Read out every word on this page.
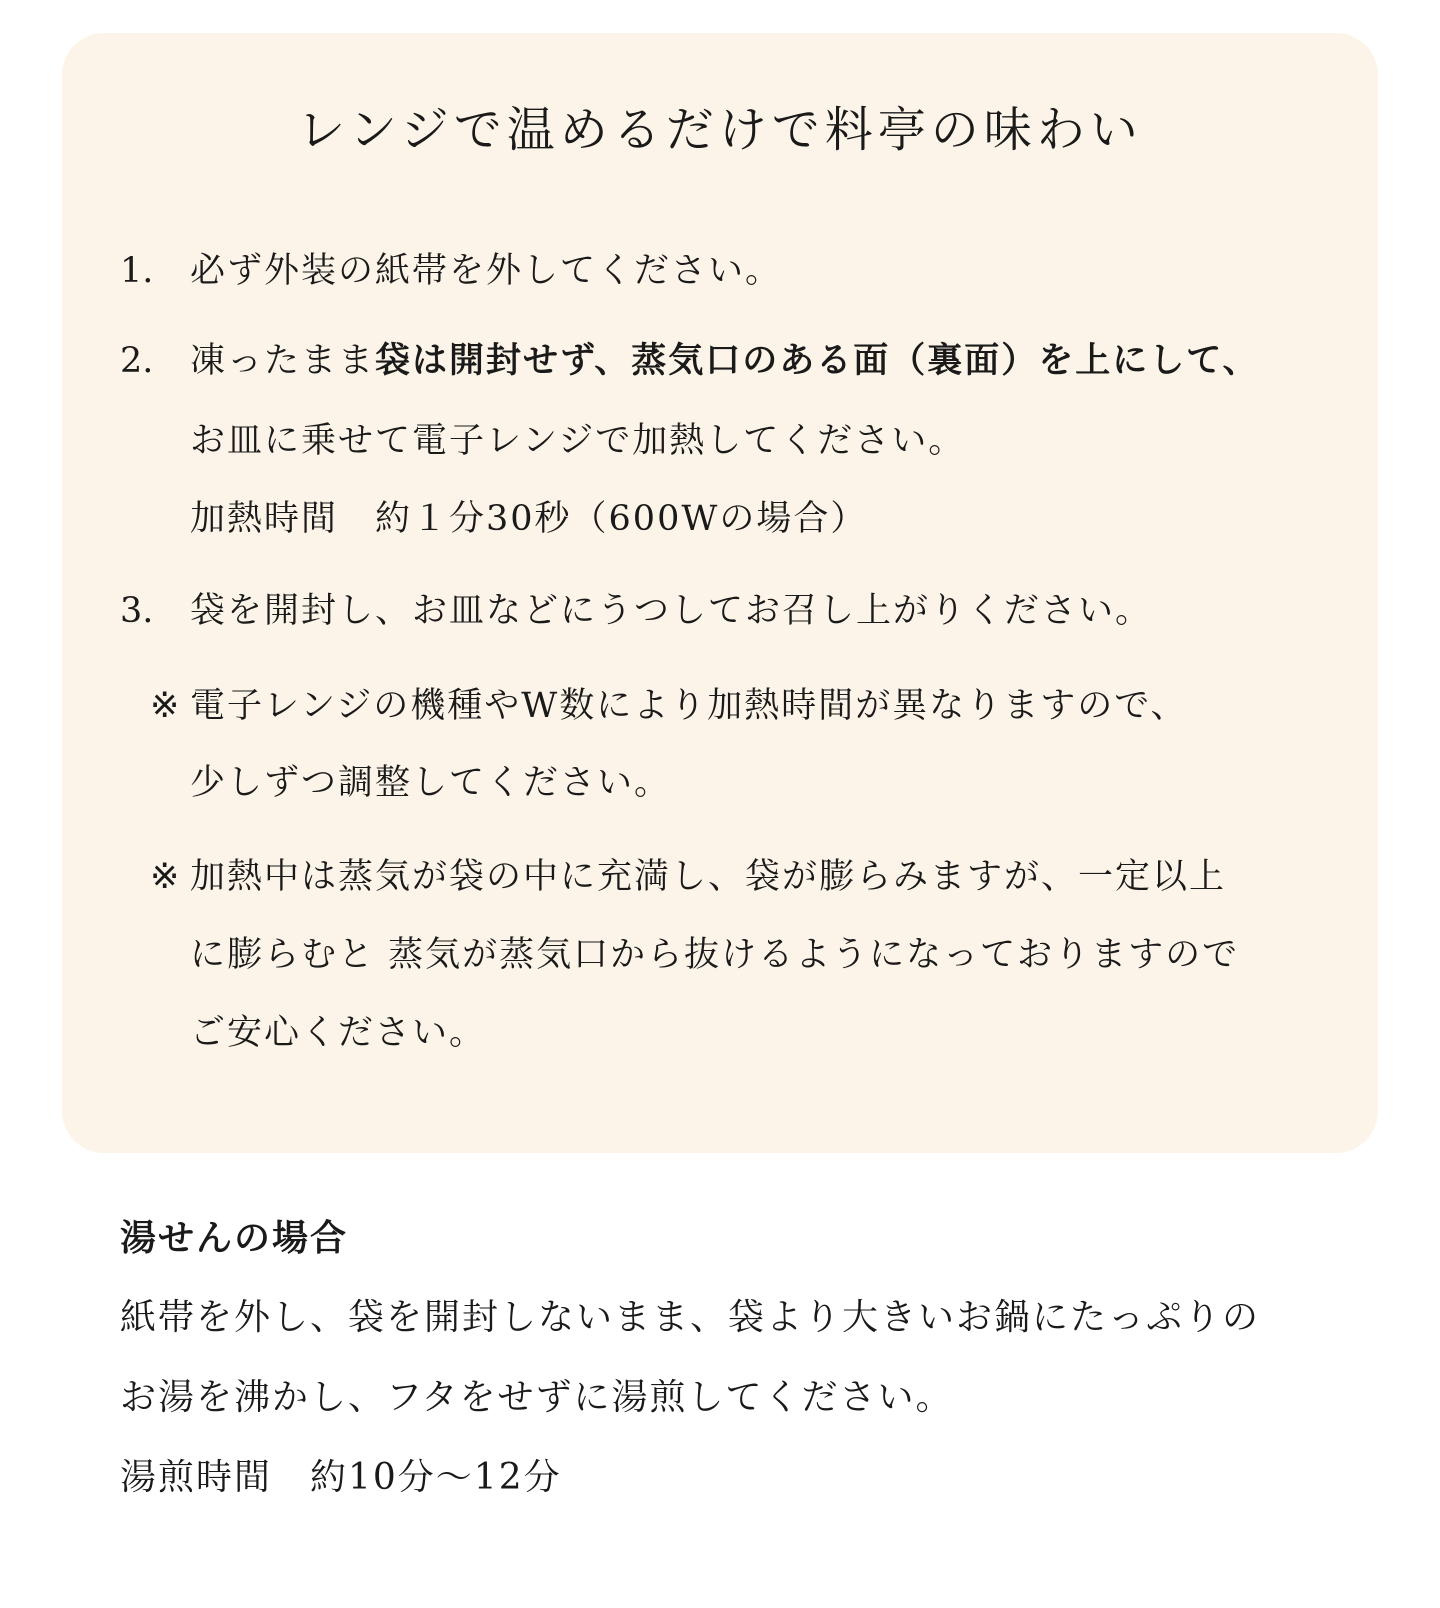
レンジで温めるだけで料亭の味わい
1. 必ず外装の紙帯を外してください。

2. 凍ったまま袋は開封せず、蒸気口のある面（裏面）を上にして、

お皿に乗せて電子レンジで加熱してください。

加熱時間　約１分30秒（600Wの場合）

3. 袋を開封し、お皿などにうつしてお召し上がりください。

※ 電子レンジの機種やW数により加熱時間が異なりますので、

少しずつ調整してください。

※ 加熱中は蒸気が袋の中に充満し、袋が膨らみますが、一定以上

に膨らむと 蒸気が蒸気口から抜けるようになっておりますので

ご安心ください。

湯せんの場合

紙帯を外し、袋を開封しないまま、袋より大きいお鍋にたっぷりの

お湯を沸かし、フタをせずに湯煎してください。

湯煎時間　約10分～12分
